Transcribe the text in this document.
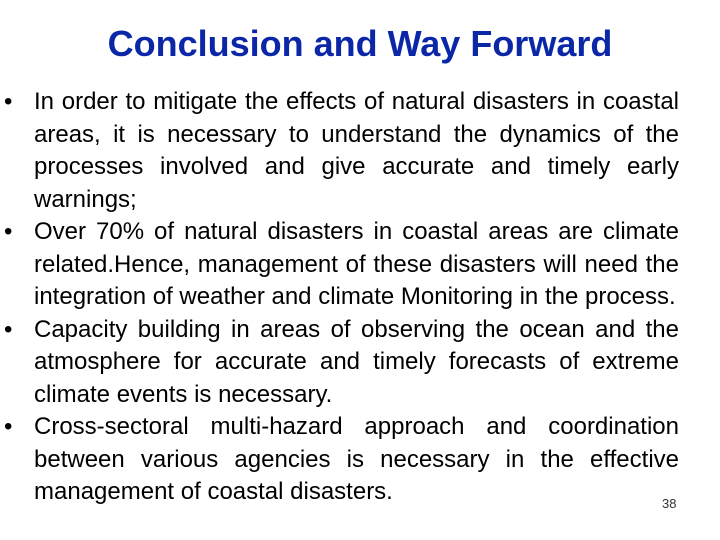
Conclusion and Way Forward
• In order to mitigate the effects of natural disasters in coastal areas, it is necessary to understand the dynamics of the processes involved and give accurate and timely early warnings;
• Over 70% of natural disasters in coastal areas are climate related.Hence, management of these disasters will need the integration of weather and climate Monitoring in the process.
• Capacity building in areas of observing the ocean and the atmosphere for accurate and timely forecasts of extreme climate events is necessary.
• Cross-sectoral multi-hazard approach and coordination between various agencies is necessary in the effective management of coastal disasters.	38
